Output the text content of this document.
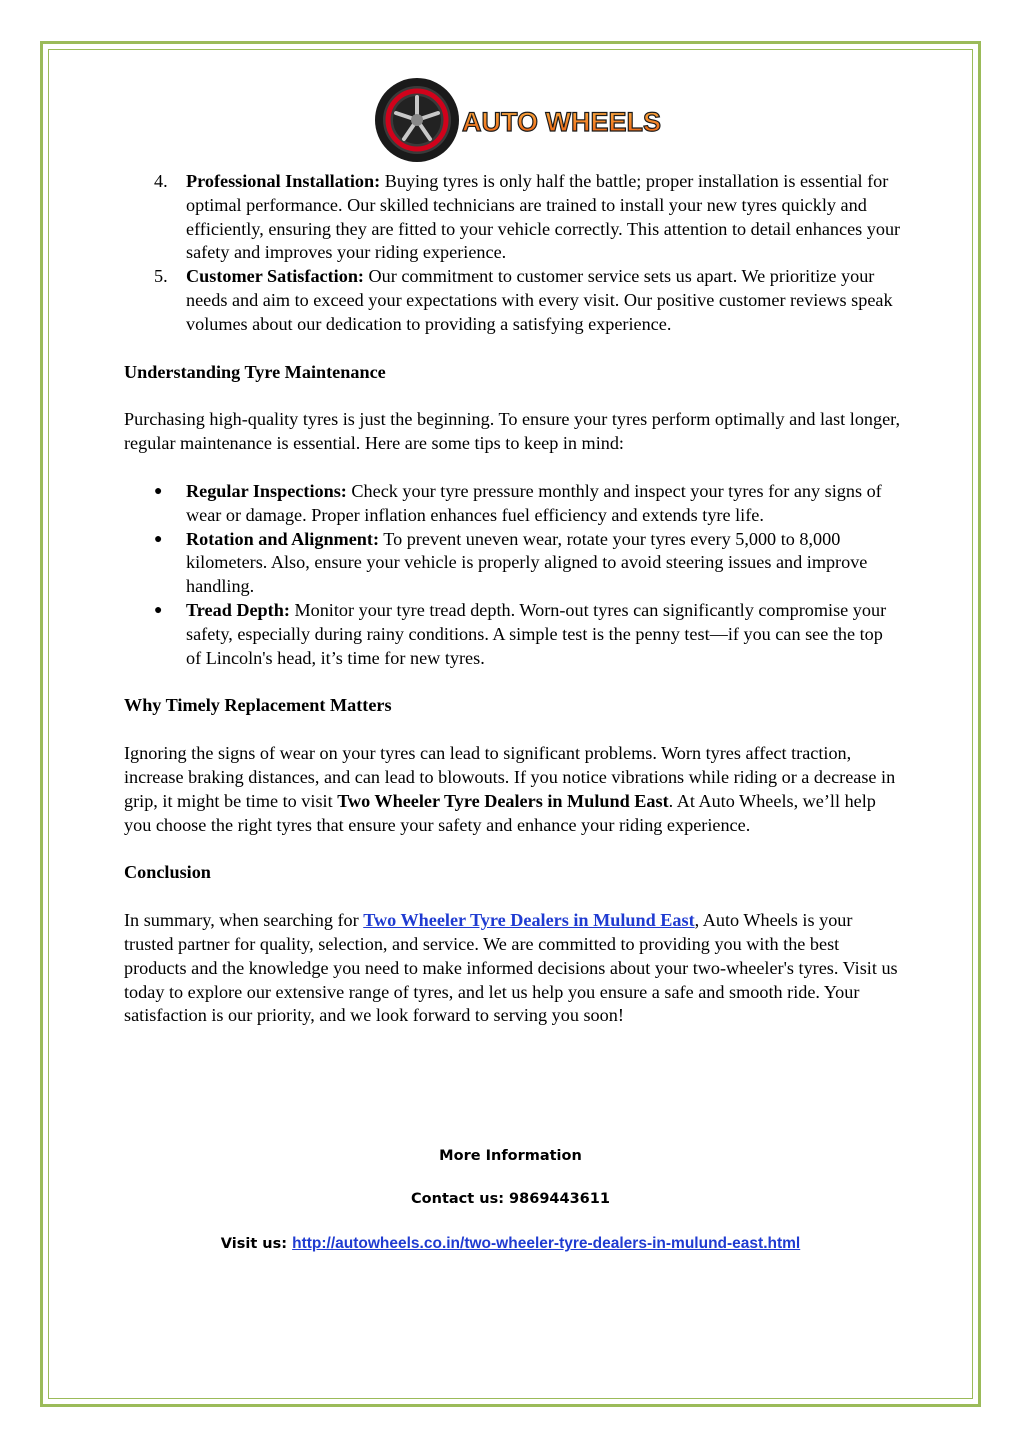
AUTO WHEELS
4. Professional Installation: Buying tyres is only half the battle; proper installation is essential for optimal performance. Our skilled technicians are trained to install your new tyres quickly and efficiently, ensuring they are fitted to your vehicle correctly. This attention to detail enhances your safety and improves your riding experience.
5. Customer Satisfaction: Our commitment to customer service sets us apart. We prioritize your needs and aim to exceed your expectations with every visit. Our positive customer reviews speak volumes about our dedication to providing a satisfying experience.

Understanding Tyre Maintenance

Purchasing high-quality tyres is just the beginning. To ensure your tyres perform optimally and last longer, regular maintenance is essential. Here are some tips to keep in mind:

● Regular Inspections: Check your tyre pressure monthly and inspect your tyres for any signs of wear or damage. Proper inflation enhances fuel efficiency and extends tyre life.
● Rotation and Alignment: To prevent uneven wear, rotate your tyres every 5,000 to 8,000 kilometers. Also, ensure your vehicle is properly aligned to avoid steering issues and improve handling.
● Tread Depth: Monitor your tyre tread depth. Worn-out tyres can significantly compromise your safety, especially during rainy conditions. A simple test is the penny test—if you can see the top of Lincoln's head, it’s time for new tyres.

Why Timely Replacement Matters

Ignoring the signs of wear on your tyres can lead to significant problems. Worn tyres affect traction, increase braking distances, and can lead to blowouts. If you notice vibrations while riding or a decrease in grip, it might be time to visit Two Wheeler Tyre Dealers in Mulund East. At Auto Wheels, we’ll help you choose the right tyres that ensure your safety and enhance your riding experience.

Conclusion

In summary, when searching for Two Wheeler Tyre Dealers in Mulund East, Auto Wheels is your trusted partner for quality, selection, and service. We are committed to providing you with the best products and the knowledge you need to make informed decisions about your two-wheeler's tyres. Visit us today to explore our extensive range of tyres, and let us help you ensure a safe and smooth ride. Your satisfaction is our priority, and we look forward to serving you soon!

More Information
Contact us: 9869443611
Visit us: http://autowheels.co.in/two-wheeler-tyre-dealers-in-mulund-east.html
